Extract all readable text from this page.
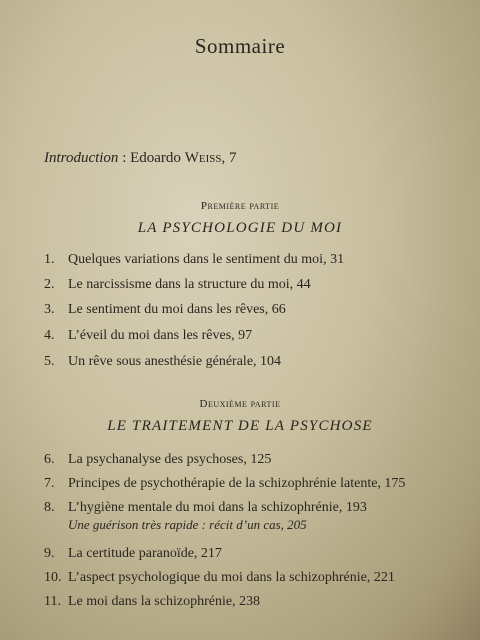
Sommaire
Introduction : Edoardo Weiss, 7
Première partie
LA PSYCHOLOGIE DU MOI
1. Quelques variations dans le sentiment du moi, 31
2. Le narcissisme dans la structure du moi, 44
3. Le sentiment du moi dans les rêves, 66
4. L’éveil du moi dans les rêves, 97
5. Un rêve sous anesthésie générale, 104
Deuxième partie
LE TRAITEMENT DE LA PSYCHOSE
6. La psychanalyse des psychoses, 125
7. Principes de psychothérapie de la schizophrénie latente, 175
8. L’hygiène mentale du moi dans la schizophrénie, 193
Une guérison très rapide : récit d’un cas, 205
9. La certitude paranoïde, 217
10. L’aspect psychologique du moi dans la schizophrénie, 221
11. Le moi dans la schizophrénie, 238
